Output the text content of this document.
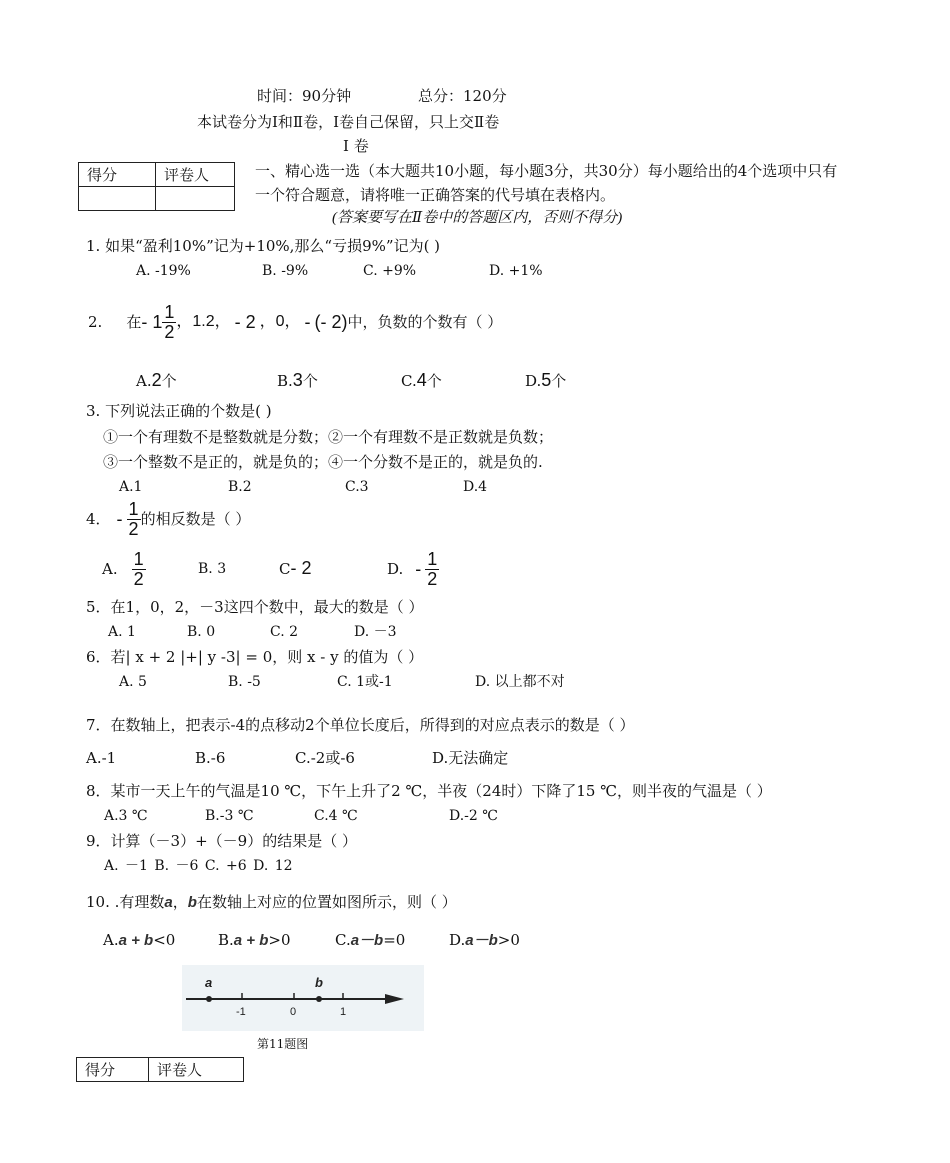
时间：90分钟	总分：120分
本试卷分为Ⅰ和Ⅱ卷，Ⅰ卷自己保留，只上交Ⅱ卷
Ⅰ 卷
得分	评卷人
		一、精心选一选（本大题共10小题，每小题3分，共30分）每小题给出的4个选项中只有
一个符合题意，请将唯一正确答案的代号填在表格内。
(答案要写在Ⅱ卷中的答题区内，否则不得分)
1. 如果“盈利10%”记为+10%,那么“亏损9%”记为( )
A. -19%	B. -9%	C. +9%	D. +1%
2. 在 - $1 \frac{1}{2}$ ，1.2， - 2 ，0， - (- 2) 中，负数的个数有（ ）
A.2个	B.3个	C.4个	D.5个
3. 下列说法正确的个数是( )
①一个有理数不是整数就是分数；②一个有理数不是正数就是负数；
③一个整数不是正的，就是负的；④一个分数不是正的，就是负的.
A.1	B.2	C.3	D.4
4． - $\frac{1}{2}$ 的相反数是（ ）
A. $\frac{1}{2}$	B. 3	C- 2	D. - $\frac{1}{2}$
5．在1，0，2，－3这四个数中，最大的数是（ ）
A. 1	B. 0	C. 2	D. －3
6．若| x + 2 |+| y -3| = 0，则 x - y 的值为（ ）
A. 5	B. -5	C. 1或-1	D. 以上都不对
7．在数轴上，把表示-4的点移动2个单位长度后，所得到的对应点表示的数是（ ）
A.-1	B.-6	C.-2或-6	D.无法确定
8．某市一天上午的气温是10 ℃，下午上升了2 ℃，半夜（24时）下降了15 ℃，则半夜的气温是（ ）
A.3 ℃	B.-3 ℃	C.4 ℃	D.-2 ℃
9．计算（－3）+（－9）的结果是（ ）
A. －1 B. －6 C. +6 D. 12
10. .有理数a，b在数轴上对应的位置如图所示，则（ ）
A.a + b<0	B.a + b>0	C.a－b=0	D.a－b>0
a	b
-1	0	1
第11题图
得分	评卷人
